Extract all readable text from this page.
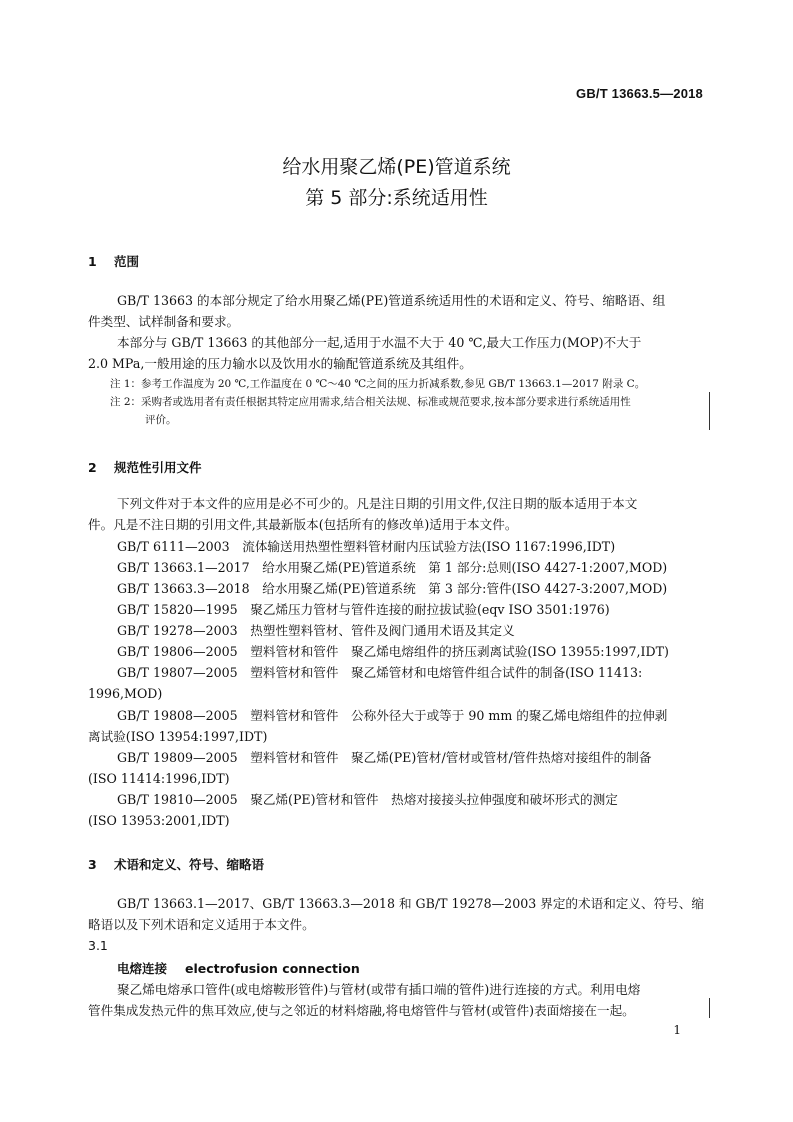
GB/T 13663.5—2018
给水用聚乙烯(PE)管道系统
第 5 部分:系统适用性
1 范围
GB/T 13663 的本部分规定了给水用聚乙烯(PE)管道系统适用性的术语和定义、符号、缩略语、组
件类型、试样制备和要求。
本部分与 GB/T 13663 的其他部分一起,适用于水温不大于 40 ℃,最大工作压力(MOP)不大于
2.0 MPa,一般用途的压力输水以及饮用水的输配管道系统及其组件。
注 1：参考工作温度为 20 ℃,工作温度在 0 ℃～40 ℃之间的压力折减系数,参见 GB/T 13663.1—2017 附录 C。
注 2：采购者或选用者有责任根据其特定应用需求,结合相关法规、标准或规范要求,按本部分要求进行系统适用性
评价。
2 规范性引用文件
下列文件对于本文件的应用是必不可少的。凡是注日期的引用文件,仅注日期的版本适用于本文
件。凡是不注日期的引用文件,其最新版本(包括所有的修改单)适用于本文件。
GB/T 6111—2003　流体输送用热塑性塑料管材耐内压试验方法(ISO 1167:1996,IDT)
GB/T 13663.1—2017　给水用聚乙烯(PE)管道系统　第 1 部分:总则(ISO 4427-1:2007,MOD)
GB/T 13663.3—2018　给水用聚乙烯(PE)管道系统　第 3 部分:管件(ISO 4427-3:2007,MOD)
GB/T 15820—1995　聚乙烯压力管材与管件连接的耐拉拔试验(eqv ISO 3501:1976)
GB/T 19278—2003　热塑性塑料管材、管件及阀门通用术语及其定义
GB/T 19806—2005　塑料管材和管件　聚乙烯电熔组件的挤压剥离试验(ISO 13955:1997,IDT)
GB/T 19807—2005　塑料管材和管件　聚乙烯管材和电熔管件组合试件的制备(ISO 11413:
1996,MOD)
GB/T 19808—2005　塑料管材和管件　公称外径大于或等于 90 mm 的聚乙烯电熔组件的拉伸剥
离试验(ISO 13954:1997,IDT)
GB/T 19809—2005　塑料管材和管件　聚乙烯(PE)管材/管材或管材/管件热熔对接组件的制备
(ISO 11414:1996,IDT)
GB/T 19810—2005　聚乙烯(PE)管材和管件　热熔对接接头拉伸强度和破坏形式的测定
(ISO 13953:2001,IDT)
3 术语和定义、符号、缩略语
GB/T 13663.1—2017、GB/T 13663.3—2018 和 GB/T 19278—2003 界定的术语和定义、符号、缩
略语以及下列术语和定义适用于本文件。
3.1
电熔连接 electrofusion connection
聚乙烯电熔承口管件(或电熔鞍形管件)与管材(或带有插口端的管件)进行连接的方式。利用电熔
管件集成发热元件的焦耳效应,使与之邻近的材料熔融,将电熔管件与管材(或管件)表面熔接在一起。
1
